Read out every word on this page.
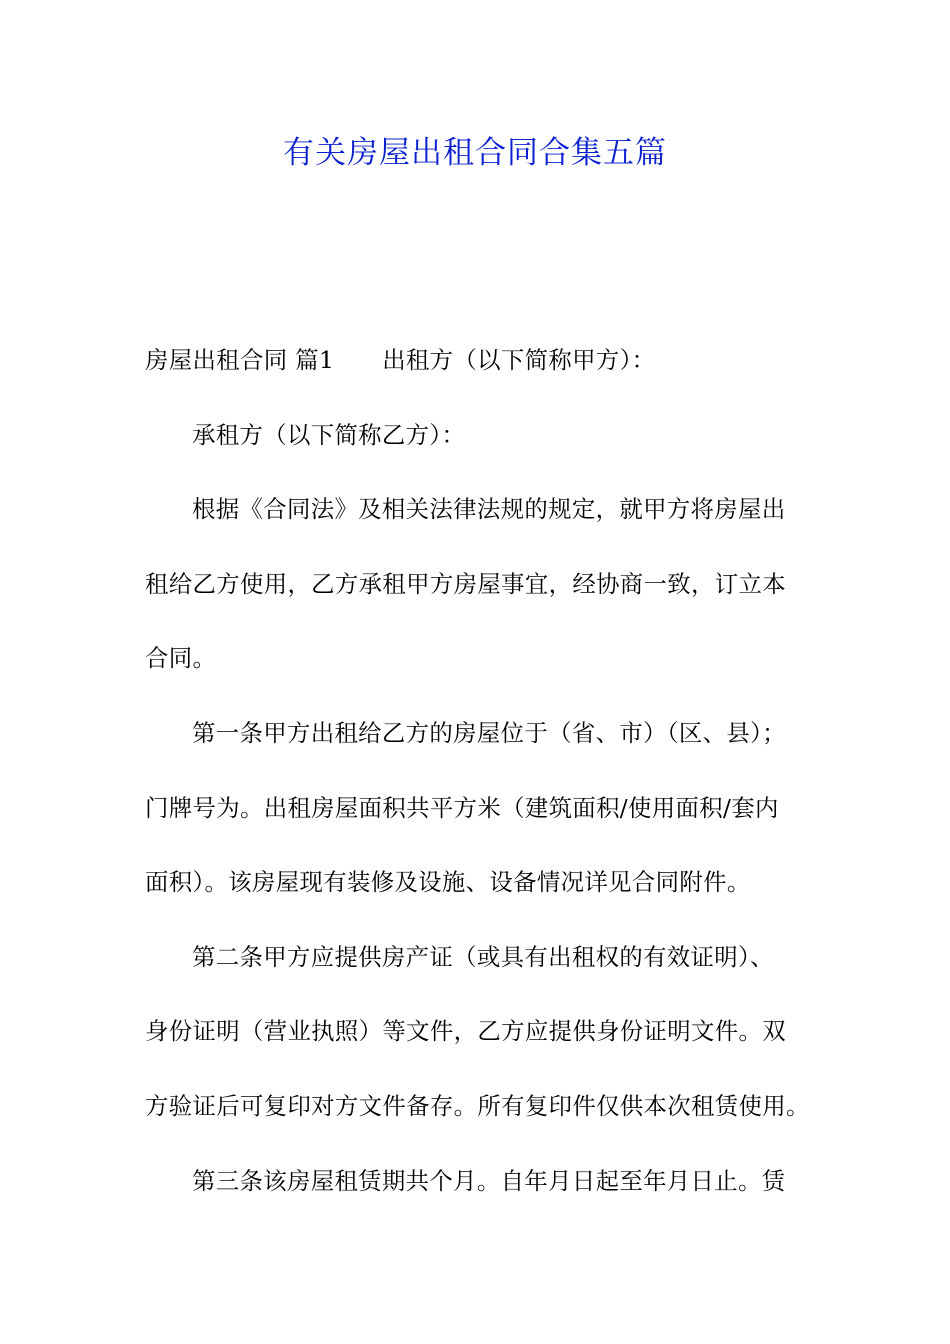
有关房屋出租合同合集五篇
房屋出租合同 篇1 出租方（以下简称甲方）：
承租方（以下简称乙方）：
根据《合同法》及相关法律法规的规定，就甲方将房屋出
租给乙方使用，乙方承租甲方房屋事宜，经协商一致，订立本
合同。
第一条甲方出租给乙方的房屋位于（省、市）（区、县）；
门牌号为。出租房屋面积共平方米（建筑面积/使用面积/套内
面积）。该房屋现有装修及设施、设备情况详见合同附件。
第二条甲方应提供房产证（或具有出租权的有效证明）、
身份证明（营业执照）等文件，乙方应提供身份证明文件。双
方验证后可复印对方文件备存。所有复印件仅供本次租赁使用。
第三条该房屋租赁期共个月。自年月日起至年月日止。赁
